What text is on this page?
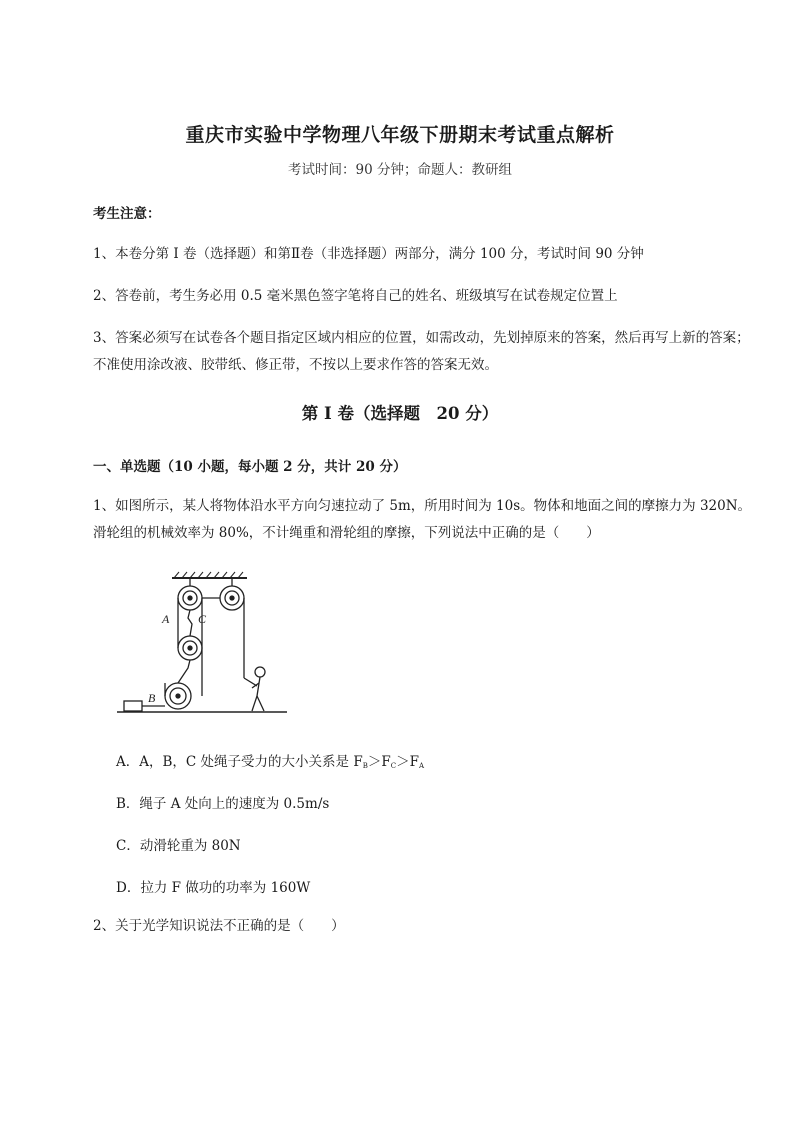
重庆市实验中学物理八年级下册期末考试重点解析
考试时间：90 分钟；命题人：教研组
考生注意：
1、本卷分第 I 卷（选择题）和第Ⅱ卷（非选择题）两部分，满分 100 分，考试时间 90 分钟
2、答卷前，考生务必用 0.5 毫米黑色签字笔将自己的姓名、班级填写在试卷规定位置上
3、答案必须写在试卷各个题目指定区域内相应的位置，如需改动，先划掉原来的答案，然后再写上新的答案；不准使用涂改液、胶带纸、修正带，不按以上要求作答的答案无效。
第 I 卷（选择题　20 分）
一、单选题（10 小题，每小题 2 分，共计 20 分）
1、如图所示，某人将物体沿水平方向匀速拉动了 5m，所用时间为 10s。物体和地面之间的摩擦力为 320N。滑轮组的机械效率为 80%，不计绳重和滑轮组的摩擦，下列说法中正确的是（　　）
A C
B
A．A，B，C 处绳子受力的大小关系是 $F_B>F_C>F_A$
B．绳子 A 处向上的速度为 0.5m/s
C．动滑轮重为 80N
D．拉力 F 做功的功率为 160W
2、关于光学知识说法不正确的是（　　）
